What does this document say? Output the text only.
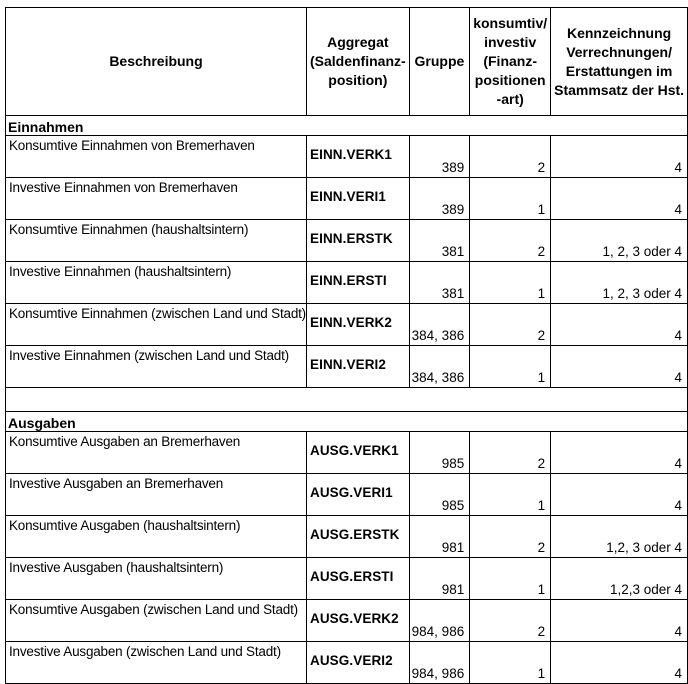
Beschreibung	Aggregat
(Saldenfinanz-
position)	Gruppe	konsumtiv/
investiv
(Finanz-
positionen
-art)	Kennzeichnung
Verrechnungen/
Erstattungen im
Stammsatz der Hst.
Einnahmen				
Konsumtive Einnahmen von Bremerhaven	EINN.VERK1	389	2	4
Investive Einnahmen von Bremerhaven	EINN.VERI1	389	1	4
Konsumtive Einnahmen (haushaltsintern)	EINN.ERSTK	381	2	1, 2, 3 oder 4
Investive Einnahmen (haushaltsintern)	EINN.ERSTI	381	1	1, 2, 3 oder 4
Konsumtive Einnahmen (zwischen Land und Stadt)	EINN.VERK2	384, 386	2	4
Investive Einnahmen (zwischen Land und Stadt)	EINN.VERI2	384, 386	1	4

Ausgaben				
Konsumtive Ausgaben an Bremerhaven	AUSG.VERK1	985	2	4
Investive Ausgaben an Bremerhaven	AUSG.VERI1	985	1	4
Konsumtive Ausgaben (haushaltsintern)	AUSG.ERSTK	981	2	1,2, 3 oder 4
Investive Ausgaben (haushaltsintern)	AUSG.ERSTI	981	1	1,2,3 oder 4
Konsumtive Ausgaben (zwischen Land und Stadt)	AUSG.VERK2	984, 986	2	4
Investive Ausgaben (zwischen Land und Stadt)	AUSG.VERI2	984, 986	1	4
